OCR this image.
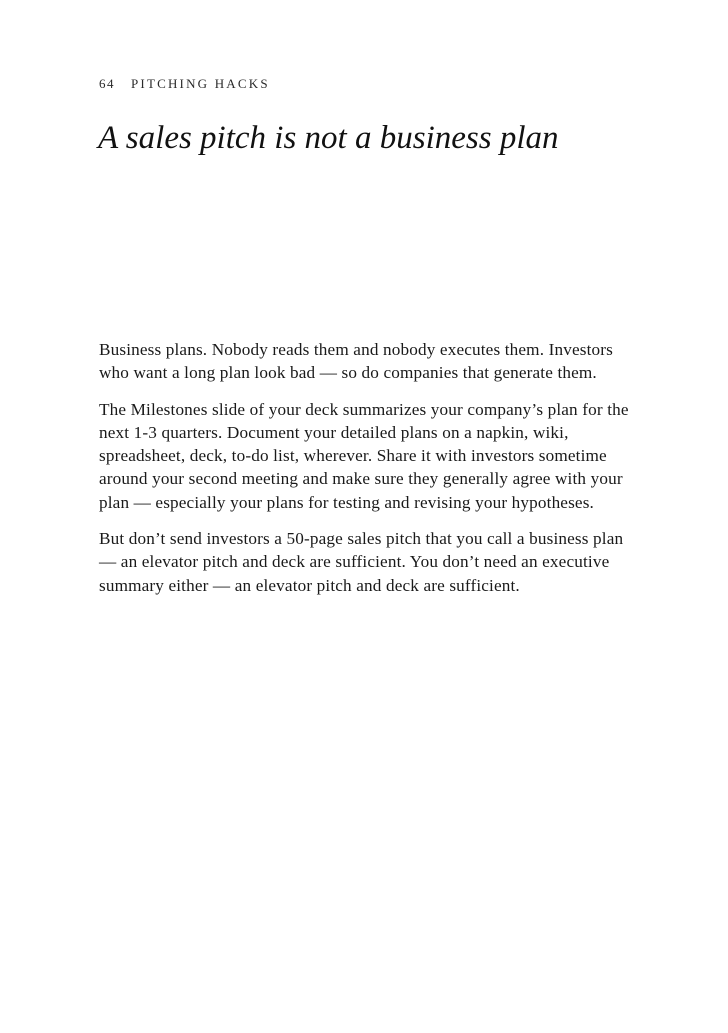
64 PITCHING HACKS
A sales pitch is not a business plan

Business plans. Nobody reads them and nobody executes them. Investors who want a long plan look bad — so do companies that generate them.

The Milestones slide of your deck summarizes your company’s plan for the next 1-3 quarters. Document your detailed plans on a napkin, wiki, spreadsheet, deck, to-do list, wherever. Share it with investors sometime around your second meeting and make sure they generally agree with your plan — especially your plans for testing and revising your hypotheses.

But don’t send investors a 50-page sales pitch that you call a business plan — an elevator pitch and deck are sufficient. You don’t need an executive summary either — an elevator pitch and deck are sufficient.
